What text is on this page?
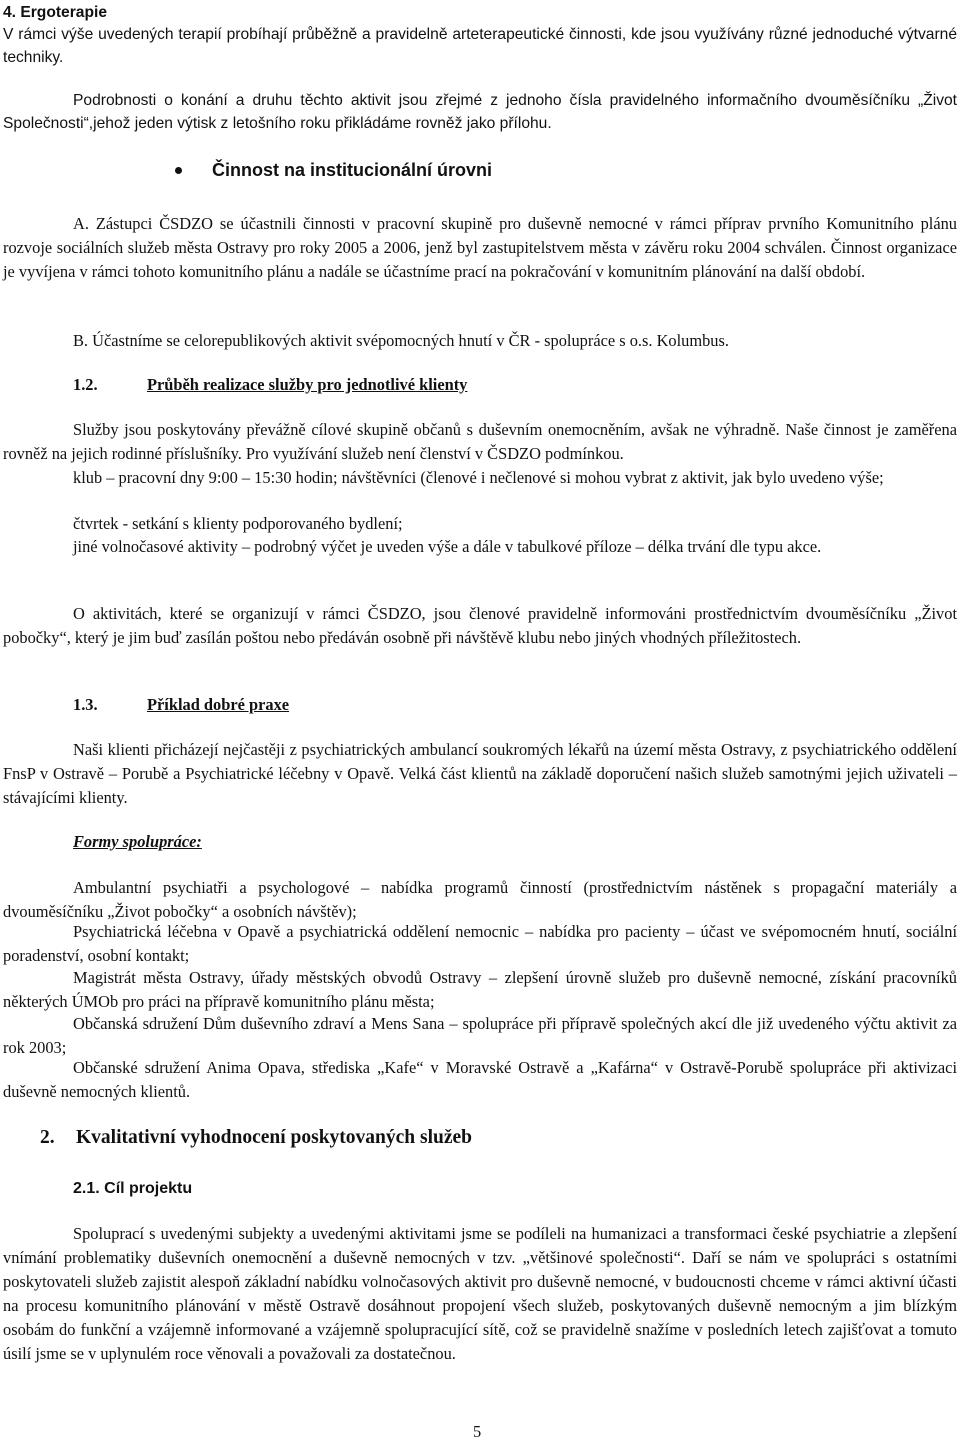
4. Ergoterapie

V rámci výše uvedených terapií probíhají průběžně a pravidelně arteterapeutické činnosti, kde jsou využívány různé jednoduché výtvarné techniky.

Podrobnosti o konání a druhu těchto aktivit jsou zřejmé z jednoho čísla pravidelného informačního dvouměsíčníku „Život Společnosti“,jehož jeden výtisk z letošního roku přikládáme rovněž jako přílohu.

Činnost na institucionální úrovni

A. Zástupci ČSDZO se účastnili činnosti v pracovní skupině pro duševně nemocné v rámci příprav prvního Komunitního plánu rozvoje sociálních služeb města Ostravy pro roky 2005 a 2006, jenž byl zastupitelstvem města v závěru roku 2004 schválen. Činnost organizace je vyvíjena v rámci tohoto komunitního plánu a nadále se účastníme prací na pokračování v komunitním plánování na další období.

B. Účastníme se celorepublikových aktivit svépomocných hnutí v ČR - spolupráce s o.s. Kolumbus.

1.2.	Průběh realizace služby pro jednotlivé klienty

Služby jsou poskytovány převážně cílové skupině občanů s duševním onemocněním, avšak ne výhradně. Naše činnost je zaměřena rovněž na jejich rodinné příslušníky. Pro využívání služeb není členství v ČSDZO podmínkou.

klub – pracovní dny 9:00 – 15:30 hodin; návštěvníci (členové i nečlenové si mohou vybrat z aktivit, jak bylo uvedeno výše;

čtvrtek - setkání s klienty podporovaného bydlení;

jiné volnočasové aktivity – podrobný výčet je uveden výše a dále v tabulkové příloze – délka trvání dle typu akce.

O aktivitách, které se organizují v rámci ČSDZO, jsou členové pravidelně informováni prostřednictvím dvouměsíčníku „Život pobočky“, který je jim buď zasílán poštou nebo předáván osobně při návštěvě klubu nebo jiných vhodných příležitostech.

1.3.	Příklad dobré praxe

Naši klienti přicházejí nejčastěji z psychiatrických ambulancí soukromých lékařů na území města Ostravy, z psychiatrického oddělení FnsP v Ostravě – Porubě a Psychiatrické léčebny v Opavě. Velká část klientů na základě doporučení našich služeb samotnými jejich uživateli – stávajícími klienty.

Formy spolupráce:

Ambulantní psychiatři a psychologové – nabídka programů činností (prostřednictvím nástěnek s propagační materiály a dvouměsíčníku „Život pobočky“ a osobních návštěv);

Psychiatrická léčebna v Opavě a psychiatrická oddělení nemocnic – nabídka pro pacienty – účast ve svépomocném hnutí, sociální poradenství, osobní kontakt;

Magistrát města Ostravy, úřady městských obvodů Ostravy – zlepšení úrovně služeb pro duševně nemocné, získání pracovníků některých ÚMOb pro práci na přípravě komunitního plánu města;

Občanská sdružení Dům duševního zdraví a Mens Sana – spolupráce při přípravě společných akcí dle již uvedeného výčtu aktivit za rok 2003;

Občanské sdružení Anima Opava, střediska „Kafe“ v Moravské Ostravě a „Kafárna“ v Ostravě-Porubě spolupráce při aktivizaci duševně nemocných klientů.

2. Kvalitativní vyhodnocení poskytovaných služeb

2.1. Cíl projektu

Spoluprací s uvedenými subjekty a uvedenými aktivitami jsme se podíleli na humanizaci a transformaci české psychiatrie a zlepšení vnímání problematiky duševních onemocnění a duševně nemocných v tzv. „většinové společnosti“. Daří se nám ve spolupráci s ostatními poskytovateli služeb zajistit alespoň základní nabídku volnočasových aktivit pro duševně nemocné, v budoucnosti chceme v rámci aktivní účasti na procesu komunitního plánování v městě Ostravě dosáhnout propojení všech služeb, poskytovaných duševně nemocným a jim blízkým osobám do funkční a vzájemně informované a vzájemně spolupracující sítě, což se pravidelně snažíme v posledních letech zajišťovat a tomuto úsilí jsme se v uplynulém roce věnovali a považovali za dostatečnou.

5
